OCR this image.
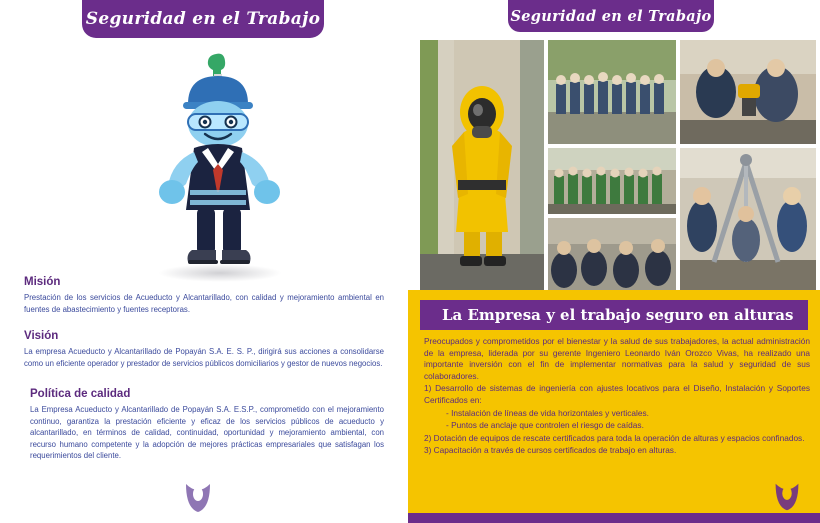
Seguridad en el Trabajo
Misión
Prestación de los servicios de Acueducto y Alcantarillado, con calidad y mejoramiento ambiental en fuentes de abastecimiento y fuentes receptoras.
Visión
La empresa Acueducto y Alcantarillado de Popayán S.A. E. S. P., dirigirá sus acciones a consolidarse como un eficiente operador y prestador de servicios públicos domiciliarios y gestor de nuevos negocios.
Política de calidad
La Empresa Acueducto y Alcantarillado de Popayán S.A. E.S.P., comprometido con el mejoramiento continuo, garantiza la prestación eficiente y eficaz de los servicios públicos de acueducto y alcantarillado, en términos de calidad, continuidad, oportunidad y mejoramiento ambiental, con recurso humano competente y la adopción de mejores prácticas empresariales que satisfagan los requerimientos del cliente.
Seguridad en el Trabajo
La Empresa y el trabajo seguro en alturas

Preocupados y comprometidos por el bienestar y la salud de sus trabajadores, la actual administración de la empresa, liderada por su gerente Ingeniero Leonardo Iván Orozco Vivas, ha realizado una importante inversión con el fin de implementar normativas para la salud y seguridad de sus colaboradores.

1) Desarrollo de sistemas de ingeniería con ajustes locativos para el Diseño, Instalación y Soportes Certificados en:

- Instalación de líneas de vida horizontales y verticales.

- Puntos de anclaje que controlen el riesgo de caídas.

2) Dotación de equipos de rescate certificados para toda la operación de alturas y espacios confinados.

3) Capacitación a través de cursos certificados de trabajo en alturas.
